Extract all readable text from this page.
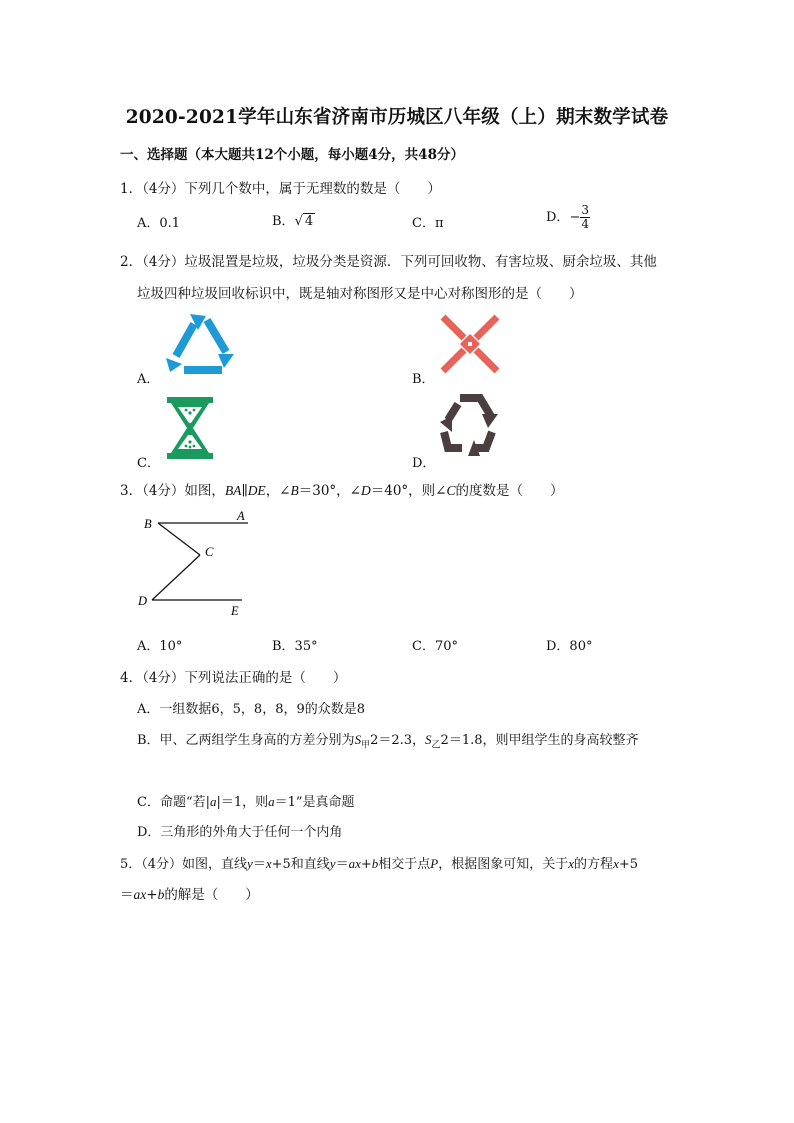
2020-2021学年山东省济南市历城区八年级（上）期末数学试卷
一、选择题（本大题共12个小题，每小题4分，共48分）
1．（4分）下列几个数中，属于无理数的数是（　　）
A．0.1	B．√ 4	C．π	D．− $\frac{3}{4}$
2．（4分）垃圾混置是垃圾，垃圾分类是资源．下列可回收物、有害垃圾、厨余垃圾、其他
垃圾四种垃圾回收标识中，既是轴对称图形又是中心对称图形的是（　　）
A．	B．
C．	D．
3．（4分）如图，BA∥DE，∠B＝30°，∠D＝40°，则∠C的度数是（　　）
B
A
C
D
E
A．10°	B．35°	C．70°	D．80°
4．（4分）下列说法正确的是（　　）
A．一组数据6，5，8，8，9的众数是8
B．甲、乙两组学生身高的方差分别为$S_甲2=2.3$，$S_乙2=1.8$，则甲组学生的身高较整齐
C．命题“若|a|＝1，则a＝1”是真命题
D．三角形的外角大于任何一个内角
5．（4分）如图，直线y＝x+5和直线y＝ax+b相交于点P，根据图象可知，关于x的方程x+5
＝ax+b的解是（　　）
